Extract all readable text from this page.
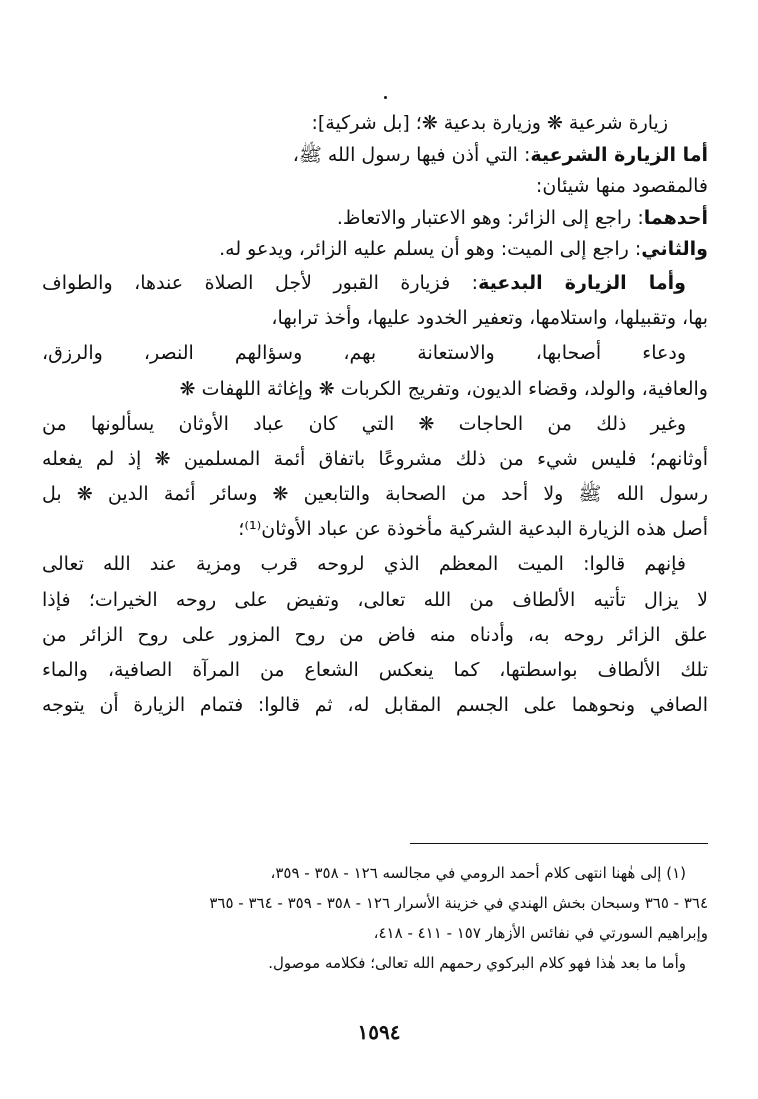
زيارة شرعية ❋ وزيارة بدعية ❋؛ [بل شركية]:
أما الزيارة الشرعية: التي أذن فيها رسول الله ﷺ،
فالمقصود منها شيئان:
أحدهما: راجع إلى الزائر: وهو الاعتبار والاتعاظ.
والثاني: راجع إلى الميت: وهو أن يسلم عليه الزائر، ويدعو له.
وأما الزيارة البدعية: فزيارة القبور لأجل الصلاة عندها، والطواف
بها، وتقبيلها، واستلامها، وتعفير الخدود عليها، وأخذ ترابها،
ودعاء أصحابها، والاستعانة بهم، وسؤالهم النصر، والرزق،
والعافية، والولد، وقضاء الديون، وتفريج الكربات ❋ وإغاثة اللهفات ❋
وغير ذلك من الحاجات ❋ التي كان عباد الأوثان يسألونها من
أوثانهم؛ فليس شيء من ذلك مشروعًا باتفاق أئمة المسلمين ❋ إذ لم يفعله
رسول الله ﷺ ولا أحد من الصحابة والتابعين ❋ وسائر أئمة الدين ❋ بل
أصل هذه الزيارة البدعية الشركية مأخوذة عن عباد الأوثان⁽¹⁾؛
فإنهم قالوا: الميت المعظم الذي لروحه قرب ومزية عند الله تعالى
لا يزال تأتيه الألطاف من الله تعالى، وتفيض على روحه الخيرات؛ فإذا
علق الزائر روحه به، وأدناه منه فاض من روح المزور على روح الزائر من
تلك الألطاف بواسطتها، كما ينعكس الشعاع من المرآة الصافية، والماء
الصافي ونحوهما على الجسم المقابل له، ثم قالوا: فتمام الزيارة أن يتوجه
(١) إلى هٰهنا انتهى كلام أحمد الرومي في مجالسه ١٢٦ - ٣٥٨ - ٣٥٩،
٣٦٤ - ٣٦٥ وسبحان بخش الهندي في خزينة الأسرار ١٢٦ - ٣٥٨ - ٣٥٩ - ٣٦٤ - ٣٦٥
وإبراهيم السورتي في نفائس الأزهار ١٥٧ - ٤١١ - ٤١٨،
وأما ما بعد هٰذا فهو كلام البركوي رحمهم الله تعالى؛ فكلامه موصول.
١٥٩٤
